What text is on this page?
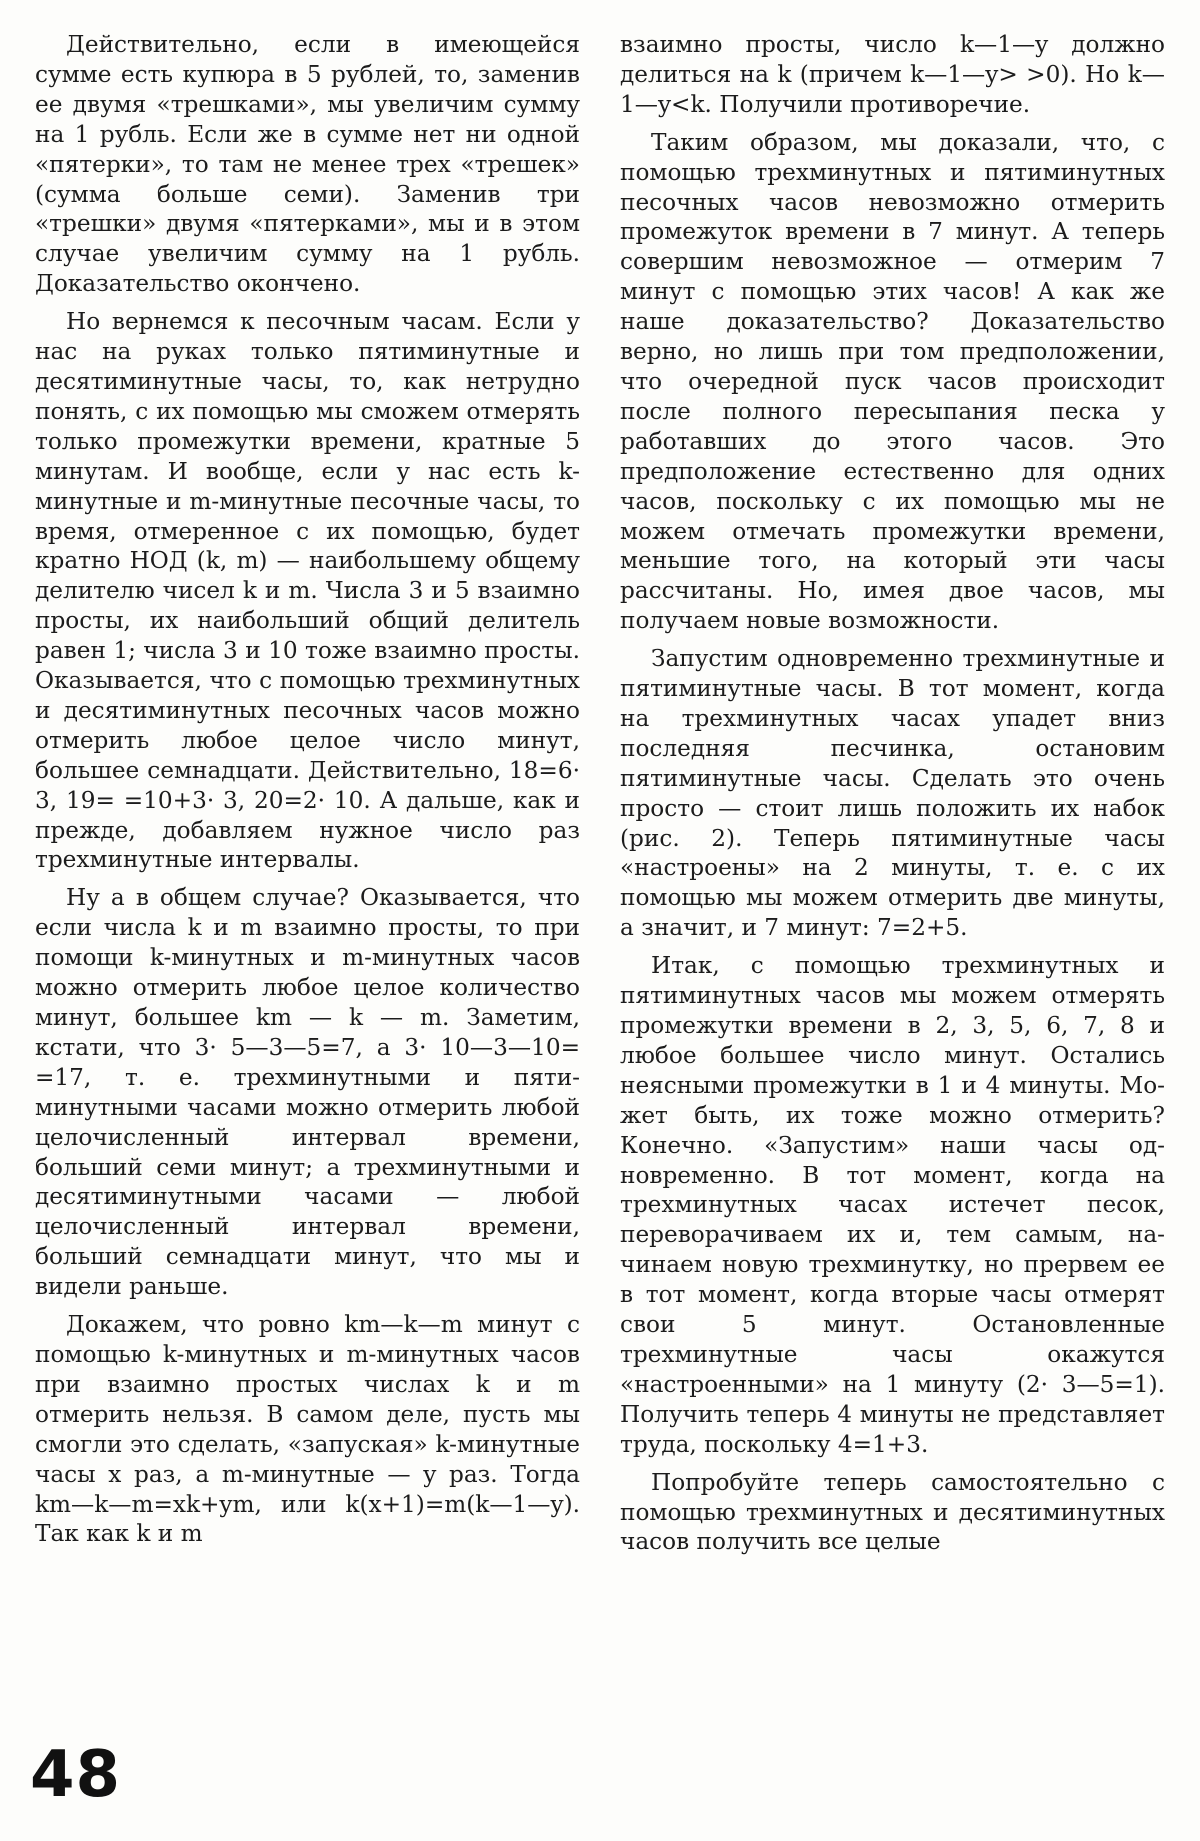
Действительно, если в имеющейся сумме есть купюра в 5 рублей, то, заменив ее двумя «трешками», мы увеличим сумму на 1 рубль. Если же в сумме нет ни одной «пятерки», то там не менее трех «трешек» (сумма больше семи). Заменив три «трешки» двумя «пятерками», мы и в этом случае увеличим сумму на 1 рубль. Доказательство окончено.

Но вернемся к песочным часам. Если у нас на руках только пятиминутные и десятиминутные часы, то, как нетрудно понять, с их помощью мы сможем отмерять только промежутки времени, кратные 5 минутам. И вообще, если у нас есть k-минутные и m-минутные песочные часы, то время, отмеренное с их помощью, будет кратно НОД (k, m) — наибольшему общему делителю чисел k и m. Числа 3 и 5 взаимно просты, их наибольший общий делитель равен 1; числа 3 и 10 тоже взаимно просты. Оказывается, что с помощью трехминутных и десятиминутных песочных часов можно отмерить любое целое число минут, большее семнадцати. Действительно, 18=6· 3, 19= =10+3· 3, 20=2· 10. А дальше, как и прежде, добавляем нужное число раз трехминутные интервалы.

Ну а в общем случае? Оказывается, что если числа k и m взаимно просты, то при помощи k-минутных и m-минутных часов можно отмерить любое целое количество минут, большее km — k — m. Заметим, кстати, что 3· 5—3—5=7, а 3· 10—3—10= =17, т. е. трехминутными и пятиминутными часами можно отмерить любой целочисленный интервал времени, больший семи минут; а трехминутными и десятиминутными часами — любой целочисленный интервал времени, больший семнадцати минут, что мы и видели раньше.

Докажем, что ровно km—k—m минут с помощью k-минутных и m-минутных часов при взаимно простых числах k и m отмерить нельзя. В самом деле, пусть мы смогли это сделать, «запуская» k-минутные часы x раз, а m-минутные — y раз. Тогда km—k—m=xk+ym, или k(x+1)=m(k—1—y). Так как k и m

взаимно просты, число k—1—y должно делиться на k (причем k—1—y> >0). Но k—1—y<k. Получили противоречие.

Таким образом, мы доказали, что, с помощью трехминутных и пятиминутных песочных часов невозможно отмерить промежуток времени в 7 минут. А теперь совершим невозможное — отмерим 7 минут с помощью этих часов! А как же наше доказательство? Доказательство верно, но лишь при том предположении, что очередной пуск часов происходит после полного пересыпания песка у работавших до этого часов. Это предположение естественно для одних часов, поскольку с их помощью мы не можем отмечать промежутки времени, меньшие того, на который эти часы рассчитаны. Но, имея двое часов, мы получаем новые возможности.

Запустим одновременно трехминутные и пятиминутные часы. В тот момент, когда на трехминутных часах упадет вниз последняя песчинка, остановим пятиминутные часы. Сделать это очень просто — стоит лишь положить их набок (рис. 2). Теперь пятиминутные часы «настроены» на 2 минуты, т. е. с их помощью мы можем отмерить две минуты, а значит, и 7 минут: 7=2+5.

Итак, с помощью трехминутных и пятиминутных часов мы можем отмерять промежутки времени в 2, 3, 5, 6, 7, 8 и любое большее число минут. Остались неясными промежутки в 1 и 4 минуты. Может быть, их тоже можно отмерить? Конечно. «Запустим» наши часы одновременно. В тот момент, когда на трехминутных часах истечет песок, переворачиваем их и, тем самым, начинаем новую трехминутку, но прервем ее в тот момент, когда вторые часы отмерят свои 5 минут. Остановленные трехминутные часы окажутся «настроенными» на 1 минуту (2· 3—5=1). Получить теперь 4 минуты не представляет труда, поскольку 4=1+3.

Попробуйте теперь самостоятельно с помощью трехминутных и десятиминутных часов получить все целые

48
